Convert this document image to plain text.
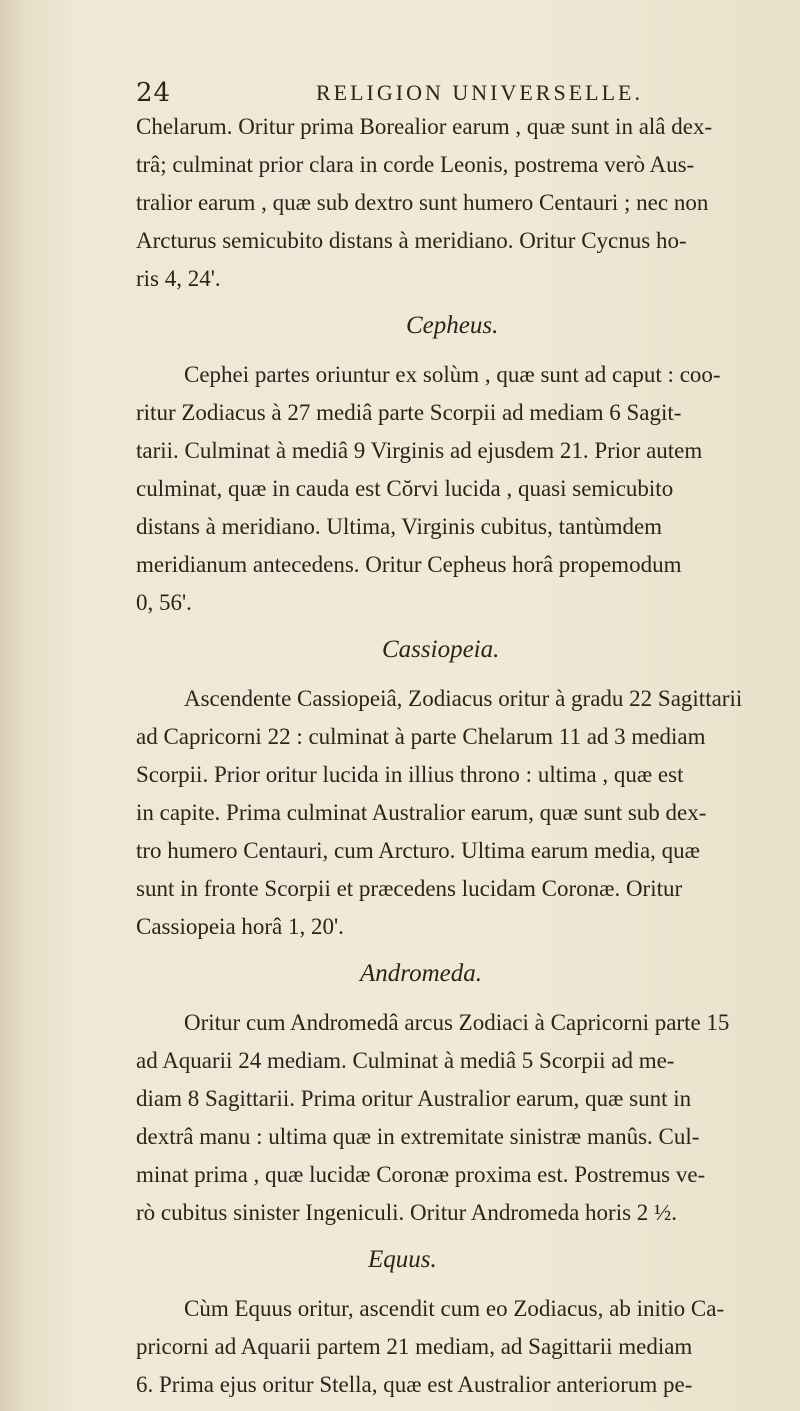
24	RELIGION UNIVERSELLE.
Chelarum. Oritur prima Borealior earum , quæ sunt in alâ dex-
trâ; culminat prior clara in corde Leonis, postrema verò Aus-
tralior earum , quæ sub dextro sunt humero Centauri ; nec non
Arcturus semicubito distans à meridiano. Oritur Cycnus ho-
ris 4, 24'.
Cepheus.
Cephei partes oriuntur ex solùm , quæ sunt ad caput : coo-
ritur Zodiacus à 27 mediâ parte Scorpii ad mediam 6 Sagit-
tarii. Culminat à mediâ 9 Virginis ad ejusdem 21. Prior autem
culminat, quæ in cauda est Cŏrvi lucida , quasi semicubito
distans à meridiano. Ultima, Virginis cubitus, tantùmdem
meridianum antecedens. Oritur Cepheus horâ propemodum
0, 56'.
Cassiopeia.
Ascendente Cassiopeiâ, Zodiacus oritur à gradu 22 Sagittarii
ad Capricorni 22 : culminat à parte Chelarum 11 ad 3 mediam
Scorpii. Prior oritur lucida in illius throno : ultima , quæ est
in capite. Prima culminat Australior earum, quæ sunt sub dex-
tro humero Centauri, cum Arcturo. Ultima earum media, quæ
sunt in fronte Scorpii et præcedens lucidam Coronæ. Oritur
Cassiopeia horâ 1, 20'.
Andromeda.
Oritur cum Andromedâ arcus Zodiaci à Capricorni parte 15
ad Aquarii 24 mediam. Culminat à mediâ 5 Scorpii ad me-
diam 8 Sagittarii. Prima oritur Australior earum, quæ sunt in
dextrâ manu : ultima quæ in extremitate sinistræ manûs. Cul-
minat prima , quæ lucidæ Coronæ proxima est. Postremus ve-
rò cubitus sinister Ingeniculi. Oritur Andromeda horis 2 ½.
Equus.
Cùm Equus oritur, ascendit cum eo Zodiacus, ab initio Ca-
pricorni ad Aquarii partem 21 mediam, ad Sagittarii mediam
6. Prima ejus oritur Stella, quæ est Australior anteriorum pe-
